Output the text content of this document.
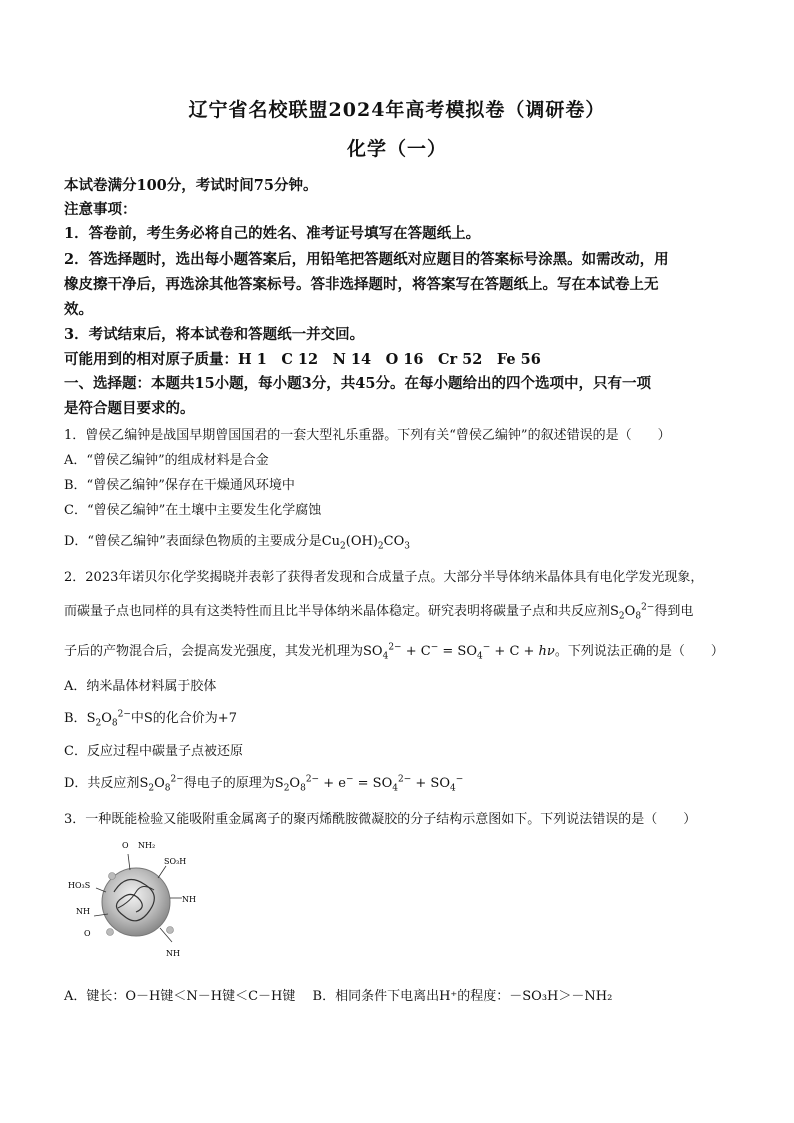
辽宁省名校联盟2024年高考模拟卷（调研卷）
化学（一）
本试卷满分100分，考试时间75分钟。
注意事项：
1．答卷前，考生务必将自己的姓名、准考证号填写在答题纸上。
2．答选择题时，选出每小题答案后，用铅笔把答题纸对应题目的答案标号涂黑。如需改动，用
橡皮擦干净后，再选涂其他答案标号。答非选择题时，将答案写在答题纸上。写在本试卷上无
效。
3．考试结束后，将本试卷和答题纸一并交回。
可能用到的相对原子质量：H 1　C 12　N 14　O 16　Cr 52　Fe 56
一、选择题：本题共15小题，每小题3分，共45分。在每小题给出的四个选项中，只有一项
是符合题目要求的。
1．曾侯乙编钟是战国早期曾国国君的一套大型礼乐重器。下列有关“曾侯乙编钟”的叙述错误的是（　　）
A．“曾侯乙编钟”的组成材料是合金
B．“曾侯乙编钟”保存在干燥通风环境中
C．“曾侯乙编钟”在土壤中主要发生化学腐蚀
D．“曾侯乙编钟”表面绿色物质的主要成分是$Cu_2(OH)_2CO_3$
2．2023年诺贝尔化学奖揭晓并表彰了获得者发现和合成量子点。大部分半导体纳米晶体具有电化学发光现象，
而碳量子点也同样的具有这类特性而且比半导体纳米晶体稳定。研究表明将碳量子点和共反应剂$S_2O_8^{2-}$得到电
子后的产物混合后，会提高发光强度，其发光机理为$SO_4^{2-} + C^- = SO_4^- + C + h\nu$。下列说法正确的是（　　）
A．纳米晶体材料属于胶体
B．$S_2O_8^{2-}$中S的化合价为+7
C．反应过程中碳量子点被还原
D．共反应剂$S_2O_8^{2-}$得电子的原理为$S_2O_8^{2-} + e^- = SO_4^{2-} + SO_4^-$
3．一种既能检验又能吸附重金属离子的聚丙烯酰胺微凝胶的分子结构示意图如下。下列说法错误的是（　　）
O NH₂
SO₃H
HO₃S
NH
NH
O
NH
A．键长：O－H键＜N－H键＜C－H键　 B．相同条件下电离出H⁺的程度：－SO₃H＞－NH₂
